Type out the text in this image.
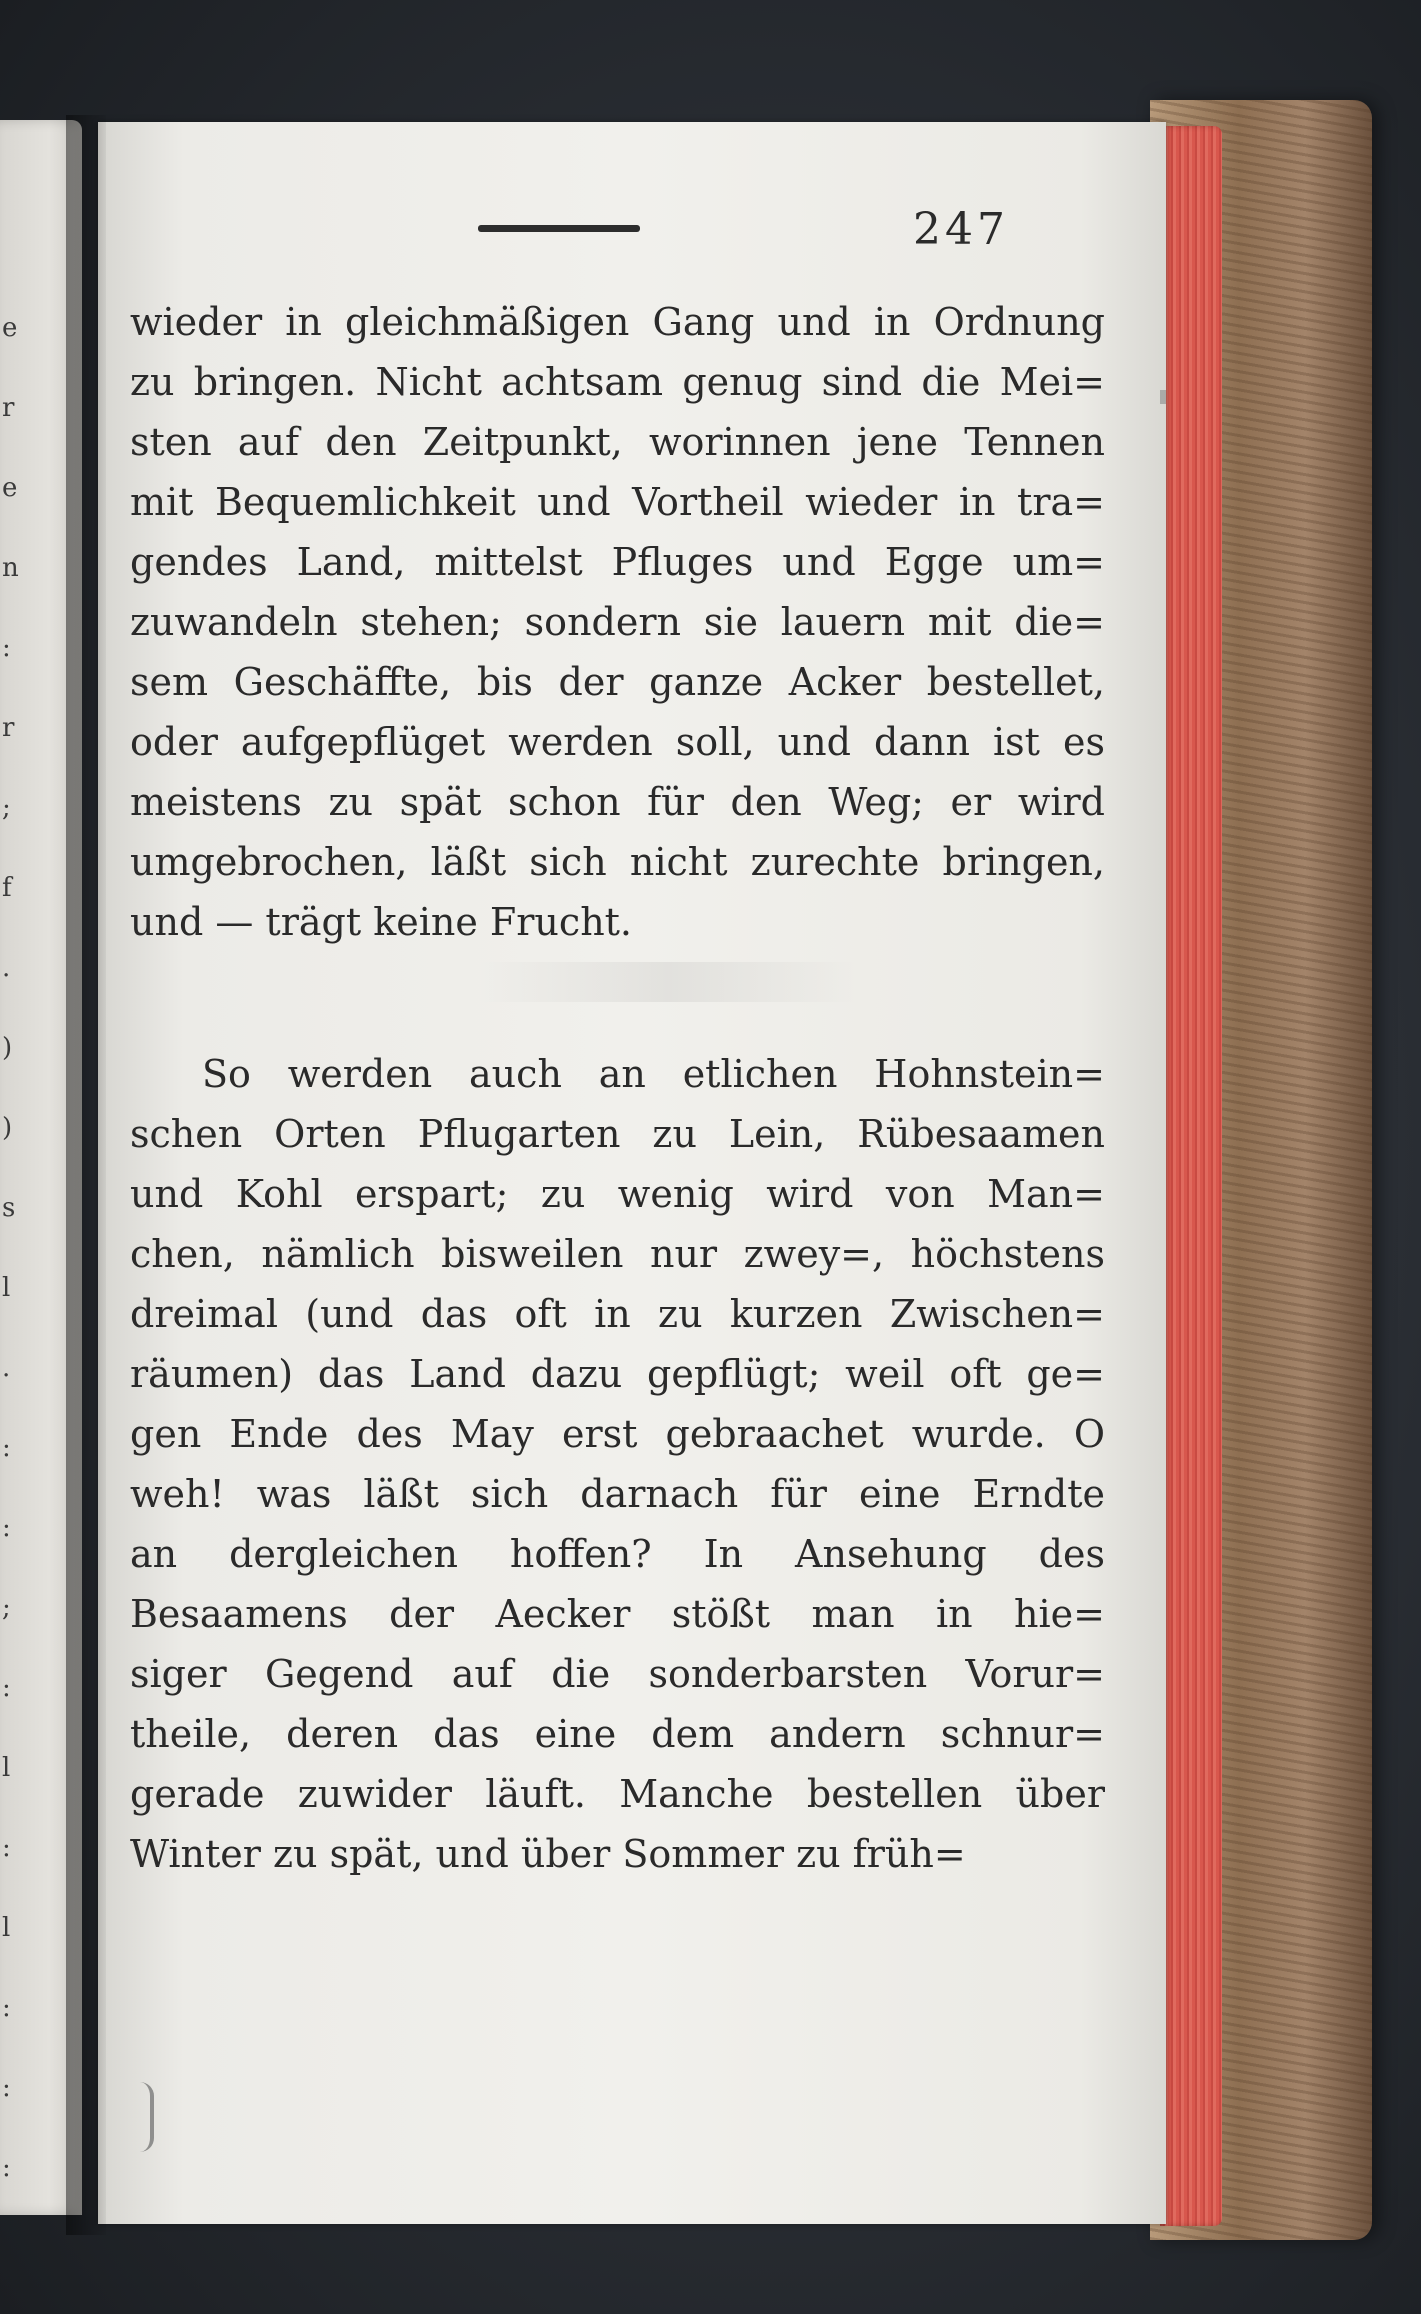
e
r
e
n
:
r
;
f
.
)
)
s
l
.
:
:
;
:
l
:
l
:
:
:
247
wieder in gleichmäßigen Gang und in Ordnung
zu bringen. Nicht achtsam genug sind die Mei=
sten auf den Zeitpunkt, worinnen jene Tennen
mit Bequemlichkeit und Vortheil wieder in tra=
gendes Land, mittelst Pfluges und Egge um=
zuwandeln stehen; sondern sie lauern mit die=
sem Geschäffte, bis der ganze Acker bestellet,
oder aufgepflüget werden soll, und dann ist es
meistens zu spät schon für den Weg; er wird
umgebrochen, läßt sich nicht zurechte bringen,
und — trägt keine Frucht.
So werden auch an etlichen Hohnstein=
schen Orten Pflugarten zu Lein, Rübesaamen
und Kohl erspart; zu wenig wird von Man=
chen, nämlich bisweilen nur zwey=, höchstens
dreimal (und das oft in zu kurzen Zwischen=
räumen) das Land dazu gepflügt; weil oft ge=
gen Ende des May erst gebraachet wurde. O
weh! was läßt sich darnach für eine Erndte
an dergleichen hoffen? In Ansehung des
Besaamens der Aecker stößt man in hie=
siger Gegend auf die sonderbarsten Vorur=
theile, deren das eine dem andern schnur=
gerade zuwider läuft. Manche bestellen über
Winter zu spät, und über Sommer zu früh=
